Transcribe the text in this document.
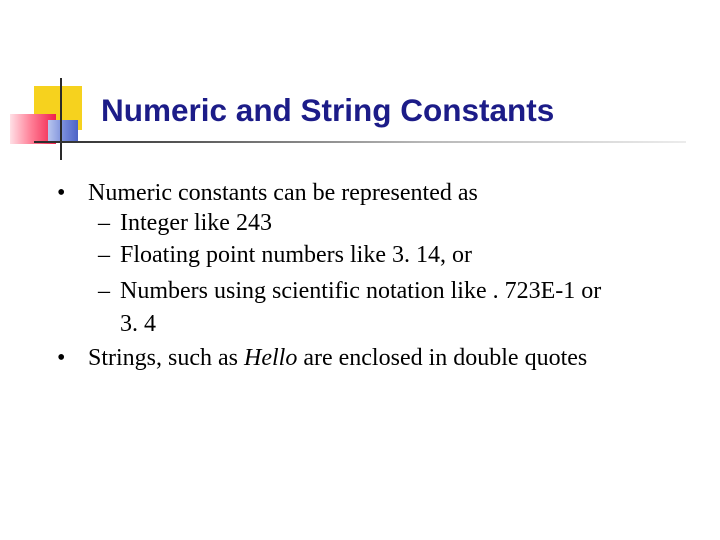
Numeric and String Constants
• Numeric constants can be represented as
– Integer like 243
– Floating point numbers like 3. 14, or
– Numbers using scientific notation like . 723E-1 or
3. 4
• Strings, such as Hello are enclosed in double quotes
